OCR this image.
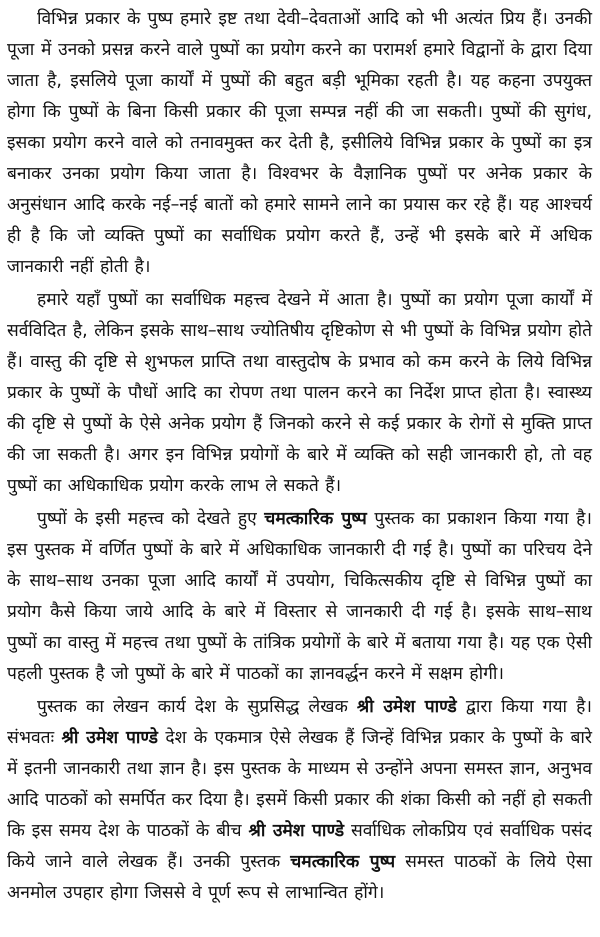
विभिन्न प्रकार के पुष्प हमारे इष्ट तथा देवी–देवताओं आदि को भी अत्यंत प्रिय हैं। उनकी पूजा में उनको प्रसन्न करने वाले पुष्पों का प्रयोग करने का परामर्श हमारे विद्वानों के द्वारा दिया जाता है, इसलिये पूजा कार्यों में पुष्पों की बहुत बड़ी भूमिका रहती है। यह कहना उपयुक्त होगा कि पुष्पों के बिना किसी प्रकार की पूजा सम्पन्न नहीं की जा सकती। पुष्पों की सुगंध, इसका प्रयोग करने वाले को तनावमुक्त कर देती है, इसीलिये विभिन्न प्रकार के पुष्पों का इत्र बनाकर उनका प्रयोग किया जाता है। विश्वभर के वैज्ञानिक पुष्पों पर अनेक प्रकार के अनुसंधान आदि करके नई–नई बातों को हमारे सामने लाने का प्रयास कर रहे हैं। यह आश्चर्य ही है कि जो व्यक्ति पुष्पों का सर्वाधिक प्रयोग करते हैं, उन्हें भी इसके बारे में अधिक जानकारी नहीं होती है।

हमारे यहाँ पुष्पों का सर्वाधिक महत्त्व देखने में आता है। पुष्पों का प्रयोग पूजा कार्यों में सर्वविदित है, लेकिन इसके साथ–साथ ज्योतिषीय दृष्टिकोण से भी पुष्पों के विभिन्न प्रयोग होते हैं। वास्तु की दृष्टि से शुभफल प्राप्ति तथा वास्तुदोष के प्रभाव को कम करने के लिये विभिन्न प्रकार के पुष्पों के पौधों आदि का रोपण तथा पालन करने का निर्देश प्राप्त होता है। स्वास्थ्य की दृष्टि से पुष्पों के ऐसे अनेक प्रयोग हैं जिनको करने से कई प्रकार के रोगों से मुक्ति प्राप्त की जा सकती है। अगर इन विभिन्न प्रयोगों के बारे में व्यक्ति को सही जानकारी हो, तो वह पुष्पों का अधिकाधिक प्रयोग करके लाभ ले सकते हैं।

पुष्पों के इसी महत्त्व को देखते हुए चमत्कारिक पुष्प पुस्तक का प्रकाशन किया गया है। इस पुस्तक में वर्णित पुष्पों के बारे में अधिकाधिक जानकारी दी गई है। पुष्पों का परिचय देने के साथ–साथ उनका पूजा आदि कार्यों में उपयोग, चिकित्सकीय दृष्टि से विभिन्न पुष्पों का प्रयोग कैसे किया जाये आदि के बारे में विस्तार से जानकारी दी गई है। इसके साथ–साथ पुष्पों का वास्तु में महत्त्व तथा पुष्पों के तांत्रिक प्रयोगों के बारे में बताया गया है। यह एक ऐसी पहली पुस्तक है जो पुष्पों के बारे में पाठकों का ज्ञानवर्द्धन करने में सक्षम होगी।

पुस्तक का लेखन कार्य देश के सुप्रसिद्ध लेखक श्री उमेश पाण्डे द्वारा किया गया है। संभवतः श्री उमेश पाण्डे देश के एकमात्र ऐसे लेखक हैं जिन्हें विभिन्न प्रकार के पुष्पों के बारे में इतनी जानकारी तथा ज्ञान है। इस पुस्तक के माध्यम से उन्होंने अपना समस्त ज्ञान, अनुभव आदि पाठकों को समर्पित कर दिया है। इसमें किसी प्रकार की शंका किसी को नहीं हो सकती कि इस समय देश के पाठकों के बीच श्री उमेश पाण्डे सर्वाधिक लोकप्रिय एवं सर्वाधिक पसंद किये जाने वाले लेखक हैं। उनकी पुस्तक चमत्कारिक पुष्प समस्त पाठकों के लिये ऐसा अनमोल उपहार होगा जिससे वे पूर्ण रूप से लाभान्वित होंगे।
